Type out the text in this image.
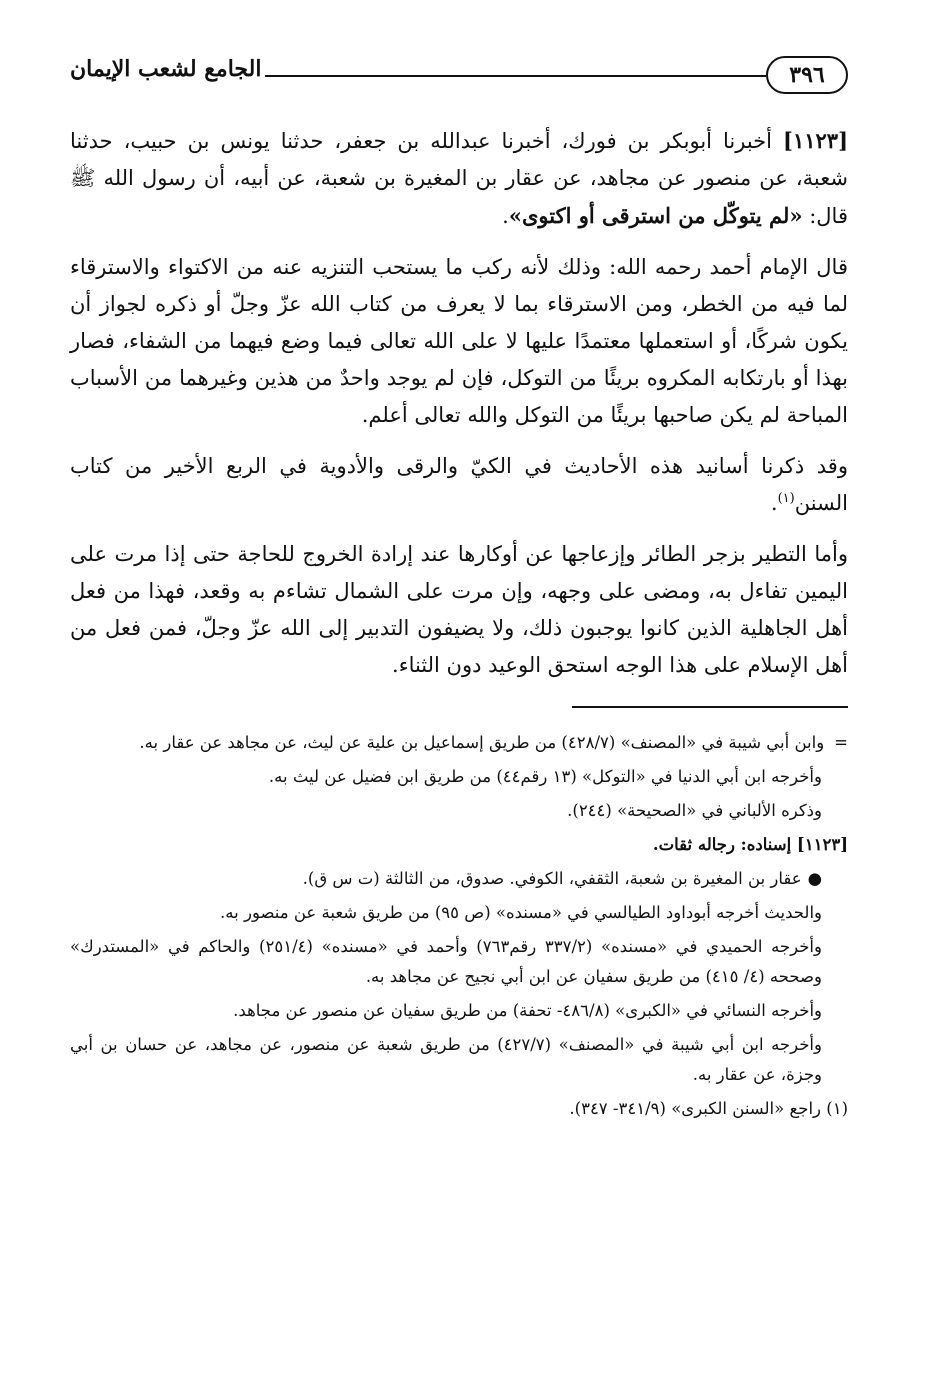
٣٩٦
الجامع لشعب الإيمان

[١١٢٣] أخبرنا أبوبكر بن فورك، أخبرنا عبدالله بن جعفر، حدثنا يونس بن حبيب، حدثنا شعبة، عن منصور عن مجاهد، عن عقار بن المغيرة بن شعبة، عن أبيه، أن رسول الله ﷺ قال: «لم يتوكّل من استرقى أو اكتوى».

قال الإمام أحمد رحمه الله: وذلك لأنه ركب ما يستحب التنزيه عنه من الاكتواء والاسترقاء لما فيه من الخطر، ومن الاسترقاء بما لا يعرف من كتاب الله عزّ وجلّ أو ذكره لجواز أن يكون شركًا، أو استعملها معتمدًا عليها لا على الله تعالى فيما وضع فيهما من الشفاء، فصار بهذا أو بارتكابه المكروه بريئًا من التوكل، فإن لم يوجد واحدٌ من هذين وغيرهما من الأسباب المباحة لم يكن صاحبها بريئًا من التوكل والله تعالى أعلم.

وقد ذكرنا أسانيد هذه الأحاديث في الكيّ والرقى والأدوية في الربع الأخير من كتاب السنن$^{(١)}$.

وأما التطير بزجر الطائر وإزعاجها عن أوكارها عند إرادة الخروج للحاجة حتى إذا مرت على اليمين تفاءل به، ومضى على وجهه، وإن مرت على الشمال تشاءم به وقعد، فهذا من فعل أهل الجاهلية الذين كانوا يوجبون ذلك، ولا يضيفون التدبير إلى الله عزّ وجلّ، فمن فعل من أهل الإسلام على هذا الوجه استحق الوعيد دون الثناء.

=وابن أبي شيبة في «المصنف» (٤٢٨/٧) من طريق إسماعيل بن علية عن ليث، عن مجاهد عن عقار به.

وأخرجه ابن أبي الدنيا في «التوكل» (١٣ رقم٤٤) من طريق ابن فضيل عن ليث به.

وذكره الألباني في «الصحيحة» (٢٤٤).

[١١٢٣] إسناده: رجاله ثقات.

●عقار بن المغيرة بن شعبة، الثقفي، الكوفي. صدوق، من الثالثة (ت س ق).

والحديث أخرجه أبوداود الطيالسي في «مسنده» (ص ٩٥) من طريق شعبة عن منصور به.

وأخرجه الحميدي في «مسنده» (٣٣٧/٢ رقم٧٦٣) وأحمد في «مسنده» (٢٥١/٤) والحاكم في «المستدرك» وصححه (٤/ ٤١٥) من طريق سفيان عن ابن أبي نجيح عن مجاهد به.

وأخرجه النسائي في «الكبرى» (٤٨٦/٨- تحفة) من طريق سفيان عن منصور عن مجاهد.

وأخرجه ابن أبي شيبة في «المصنف» (٤٢٧/٧) من طريق شعبة عن منصور، عن مجاهد، عن حسان بن أبي وجزة، عن عقار به.

(١) راجع «السنن الكبرى» (٣٤١/٩- ٣٤٧).
